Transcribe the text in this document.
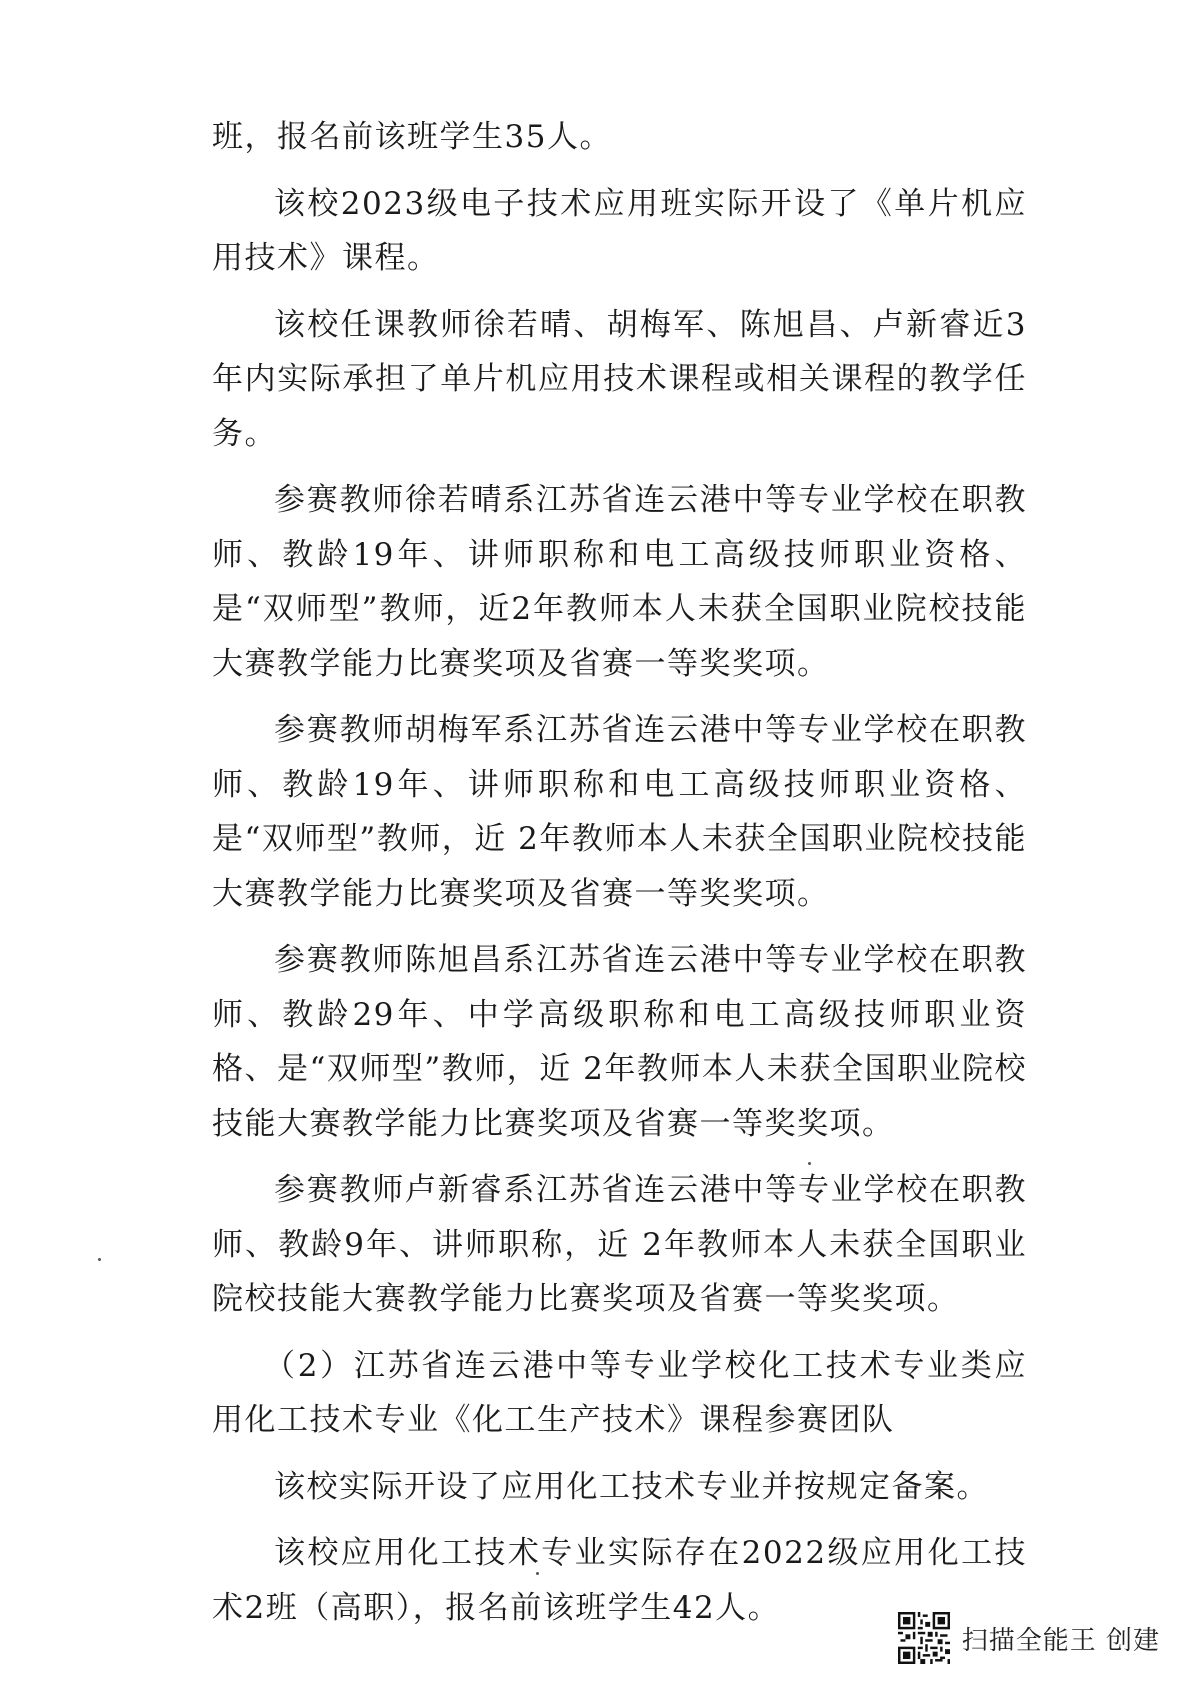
班，报名前该班学生35人。

该校2023级电子技术应用班实际开设了《单片机应用技术》课程。

该校任课教师徐若晴、胡梅军、陈旭昌、卢新睿近3年内实际承担了单片机应用技术课程或相关课程的教学任务。

参赛教师徐若晴系江苏省连云港中等专业学校在职教师、教龄19年、讲师职称和电工高级技师职业资格、是“双师型”教师，近2年教师本人未获全国职业院校技能大赛教学能力比赛奖项及省赛一等奖奖项。

参赛教师胡梅军系江苏省连云港中等专业学校在职教师、教龄19年、讲师职称和电工高级技师职业资格、是“双师型”教师，近 2年教师本人未获全国职业院校技能大赛教学能力比赛奖项及省赛一等奖奖项。

参赛教师陈旭昌系江苏省连云港中等专业学校在职教师、教龄29年、中学高级职称和电工高级技师职业资格、是“双师型”教师，近 2年教师本人未获全国职业院校技能大赛教学能力比赛奖项及省赛一等奖奖项。

参赛教师卢新睿系江苏省连云港中等专业学校在职教师、教龄9年、讲师职称，近 2年教师本人未获全国职业院校技能大赛教学能力比赛奖项及省赛一等奖奖项。

（2）江苏省连云港中等专业学校化工技术专业类应用化工技术专业《化工生产技术》课程参赛团队

该校实际开设了应用化工技术专业并按规定备案。

该校应用化工技术专业实际存在2022级应用化工技术2班（高职），报名前该班学生42人。

扫描全能王 创建
